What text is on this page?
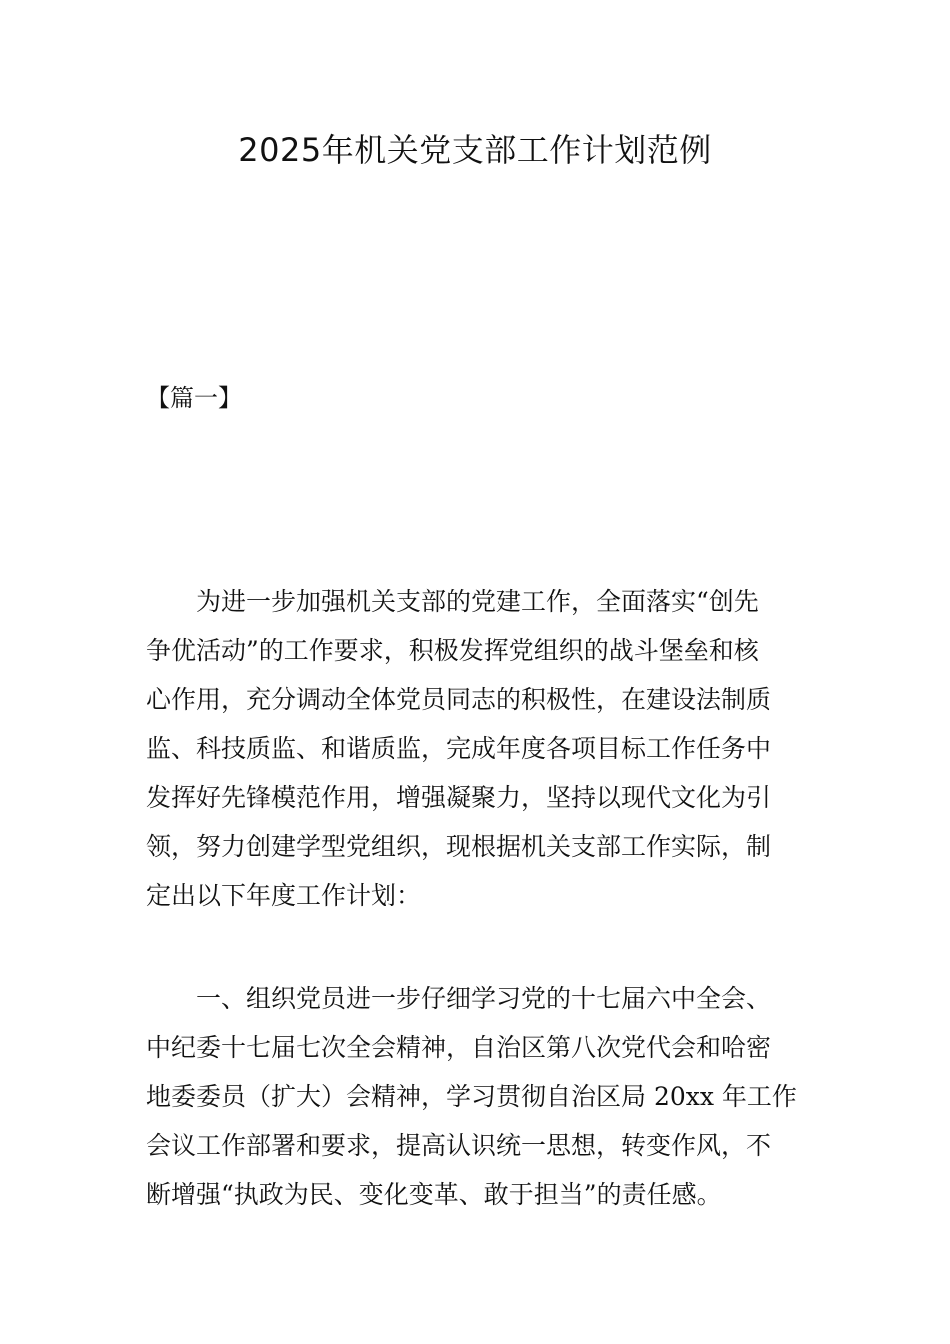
2025年机关党支部工作计划范例

【篇一】

为进一步加强机关支部的党建工作，全面落实“创先
争优活动”的工作要求，积极发挥党组织的战斗堡垒和核
心作用，充分调动全体党员同志的积极性，在建设法制质
监、科技质监、和谐质监，完成年度各项目标工作任务中
发挥好先锋模范作用，增强凝聚力，坚持以现代文化为引
领，努力创建学型党组织，现根据机关支部工作实际，制
定出以下年度工作计划：

一、组织党员进一步仔细学习党的十七届六中全会、
中纪委十七届七次全会精神，自治区第八次党代会和哈密
地委委员（扩大）会精神，学习贯彻自治区局 20xx 年工作
会议工作部署和要求，提高认识统一思想，转变作风，不
断增强“执政为民、变化变革、敢于担当”的责任感。
